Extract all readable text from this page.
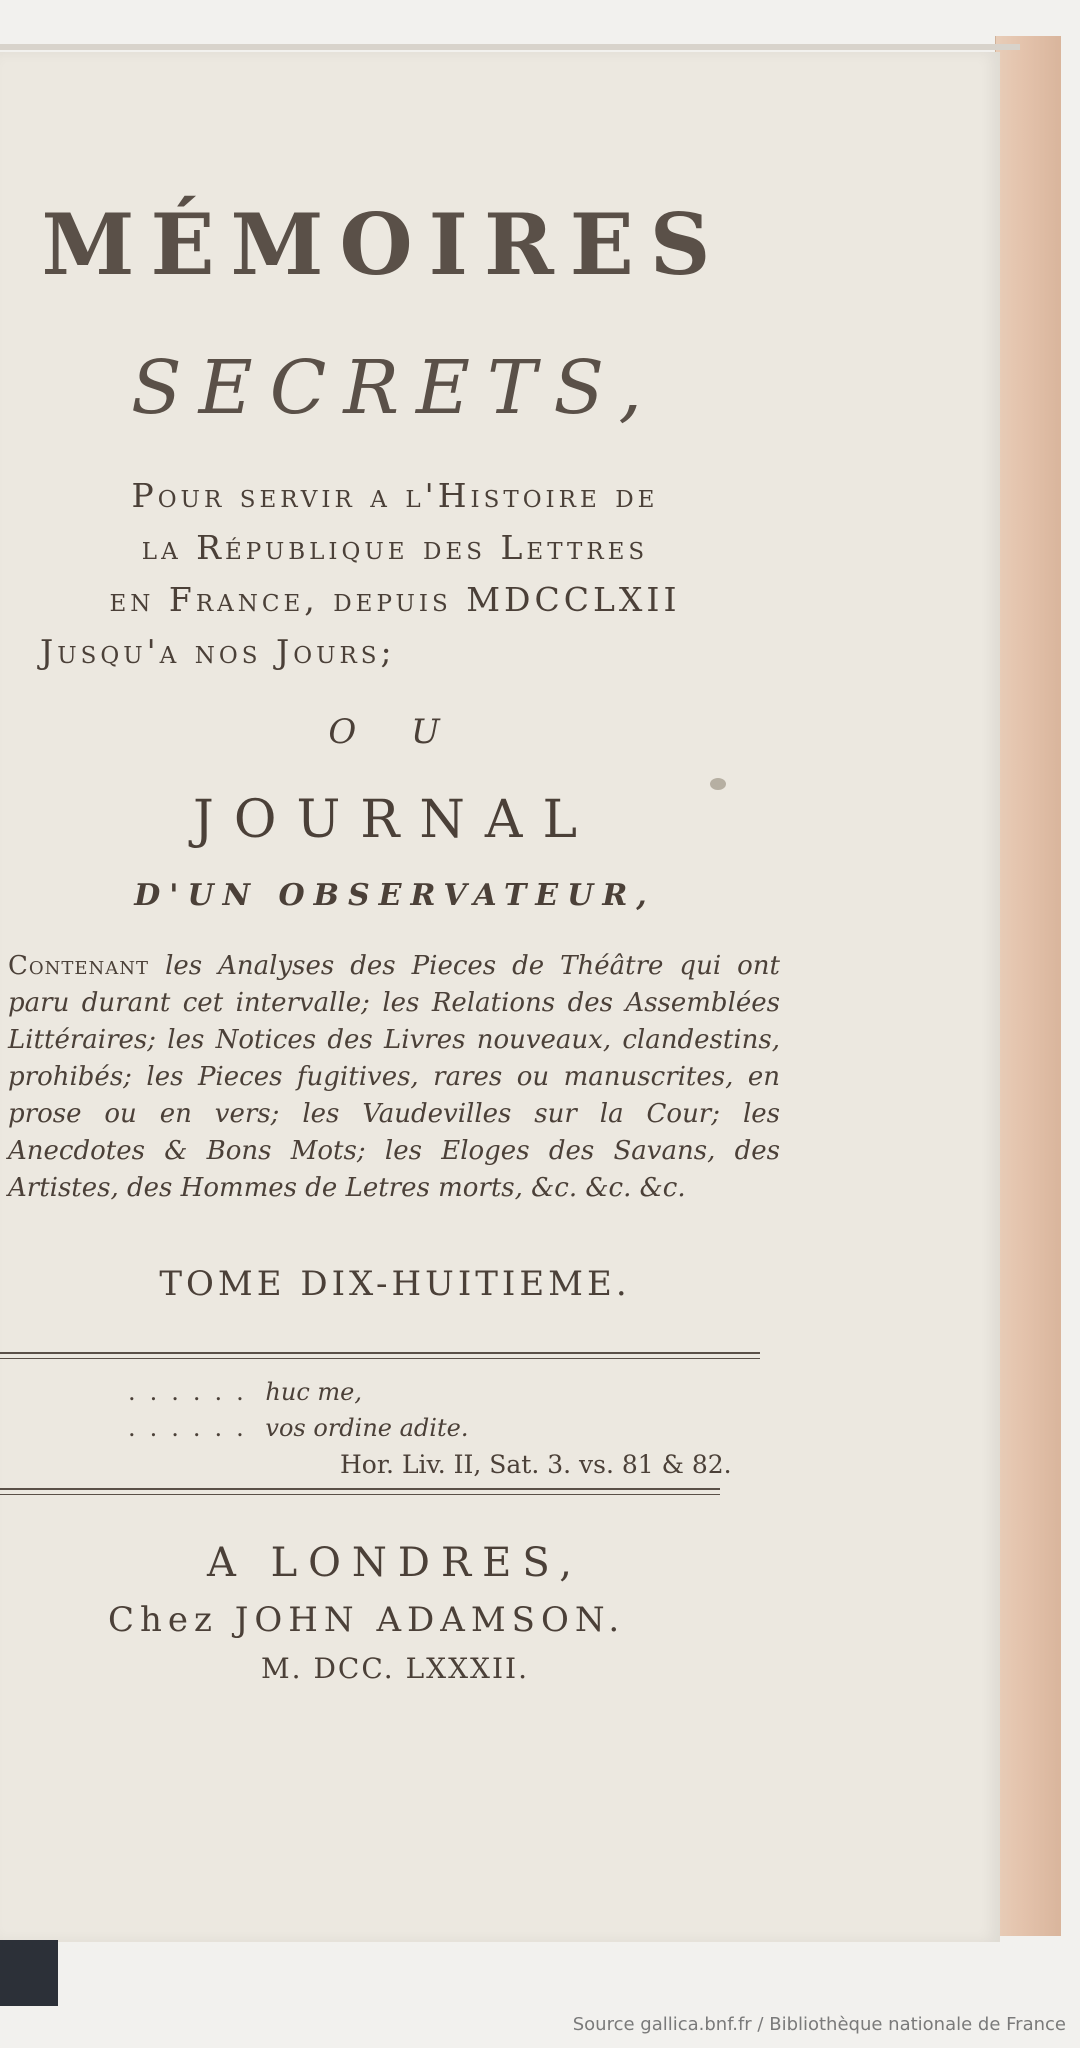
MÉMOIRES
SECRETS,
Pour servir a l'Histoire de
la République des Lettres
en France, depuis MDCCLXII
Jusqu'a nos Jours;
O U
JOURNAL
D'UN OBSERVATEUR,
Contenant les Analyses des Pieces de Théâtre qui ont paru durant cet intervalle; les Relations des Assemblées Littéraires; les Notices des Livres nouveaux, clandestins, prohibés; les Pieces fugitives, rares ou manuscrites, en prose ou en vers; les Vaudevilles sur la Cour; les Anecdotes & Bons Mots; les Eloges des Savans, des Artistes, des Hommes de Letres morts, &c. &c. &c.
TOME DIX-HUITIEME.
...... huc me,
...... vos ordine adite.
Hor. Liv. II, Sat. 3. vs. 81 & 82.
A LONDRES,
Chez JOHN ADAMSON.
M. DCC. LXXXII.
Source gallica.bnf.fr / Bibliothèque nationale de France
